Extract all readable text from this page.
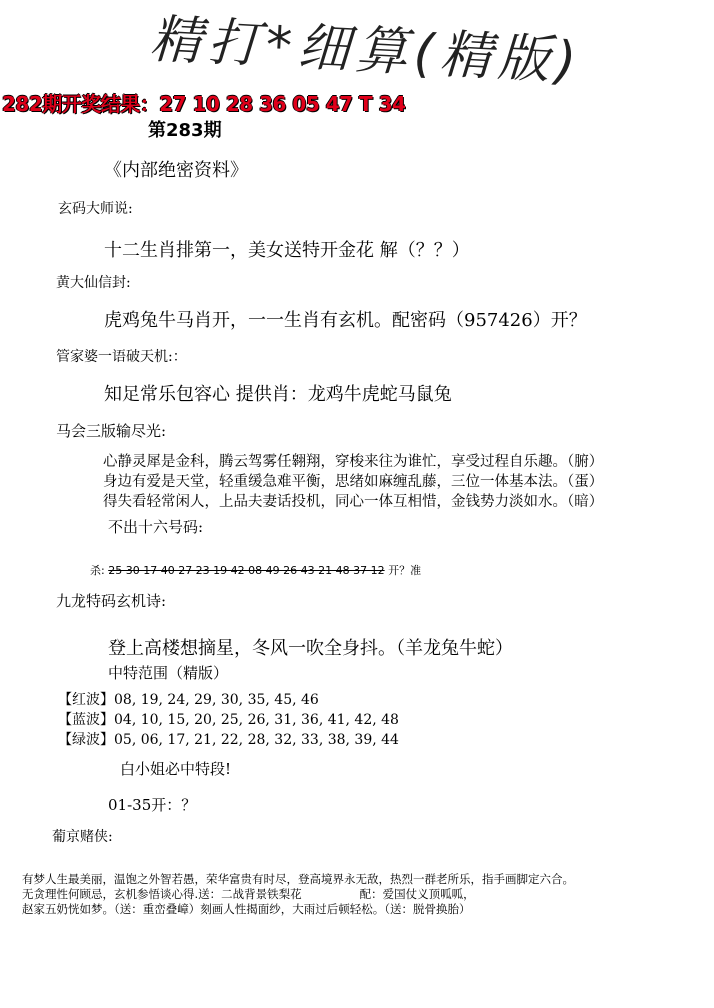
精打*细算(精版)
282期开奖结果：27 10 28 36 05 47 T 34
第283期
《内部绝密资料》
玄码大师说:
十二生肖排第一，美女送特开金花 解（？？）
黄大仙信封:
虎鸡兔牛马肖开，一一生肖有玄机。配密码（957426）开？
管家婆一语破天机:：
知足常乐包容心 提供肖：龙鸡牛虎蛇马鼠兔
马会三版输尽光:
心静灵犀是金科，腾云驾雾任翱翔，穿梭来往为谁忙，享受过程自乐趣。（腑）
身边有爱是天堂，轻重缓急难平衡，思绪如麻缠乱藤，三位一体基本法。（蛋）
得失看轻常闲人，上品夫妻话投机，同心一体互相惜，金钱势力淡如水。（暗）
不出十六号码:
杀: 25 30 17 40 27 23 19 42 08 49 26 43 21 48 37 12 开？准
九龙特码玄机诗:
登上高楼想摘星，冬风一吹全身抖。（羊龙兔牛蛇）
中特范围（精版）
【红波】08, 19, 24, 29, 30, 35, 45, 46
【蓝波】04, 10, 15, 20, 25, 26, 31, 36, 41, 42, 48
【绿波】05, 06, 17, 21, 22, 28, 32, 33, 38, 39, 44
白小姐必中特段!
01-35开：？
葡京赌侠:
有梦人生最美丽，温饱之外智若愚，荣华富贵有时尽，登高境界永无敌，热烈一群老所乐，指手画脚定六合。
无贪理性何顾忌，玄机参悟谈心得.送：二战背景铁梨花	配：爱国仗义顶呱呱，
赵家五奶恍如梦。（送：重峦叠嶂）刻画人性揭面纱，大雨过后顿轻松。（送：脱骨换胎）
